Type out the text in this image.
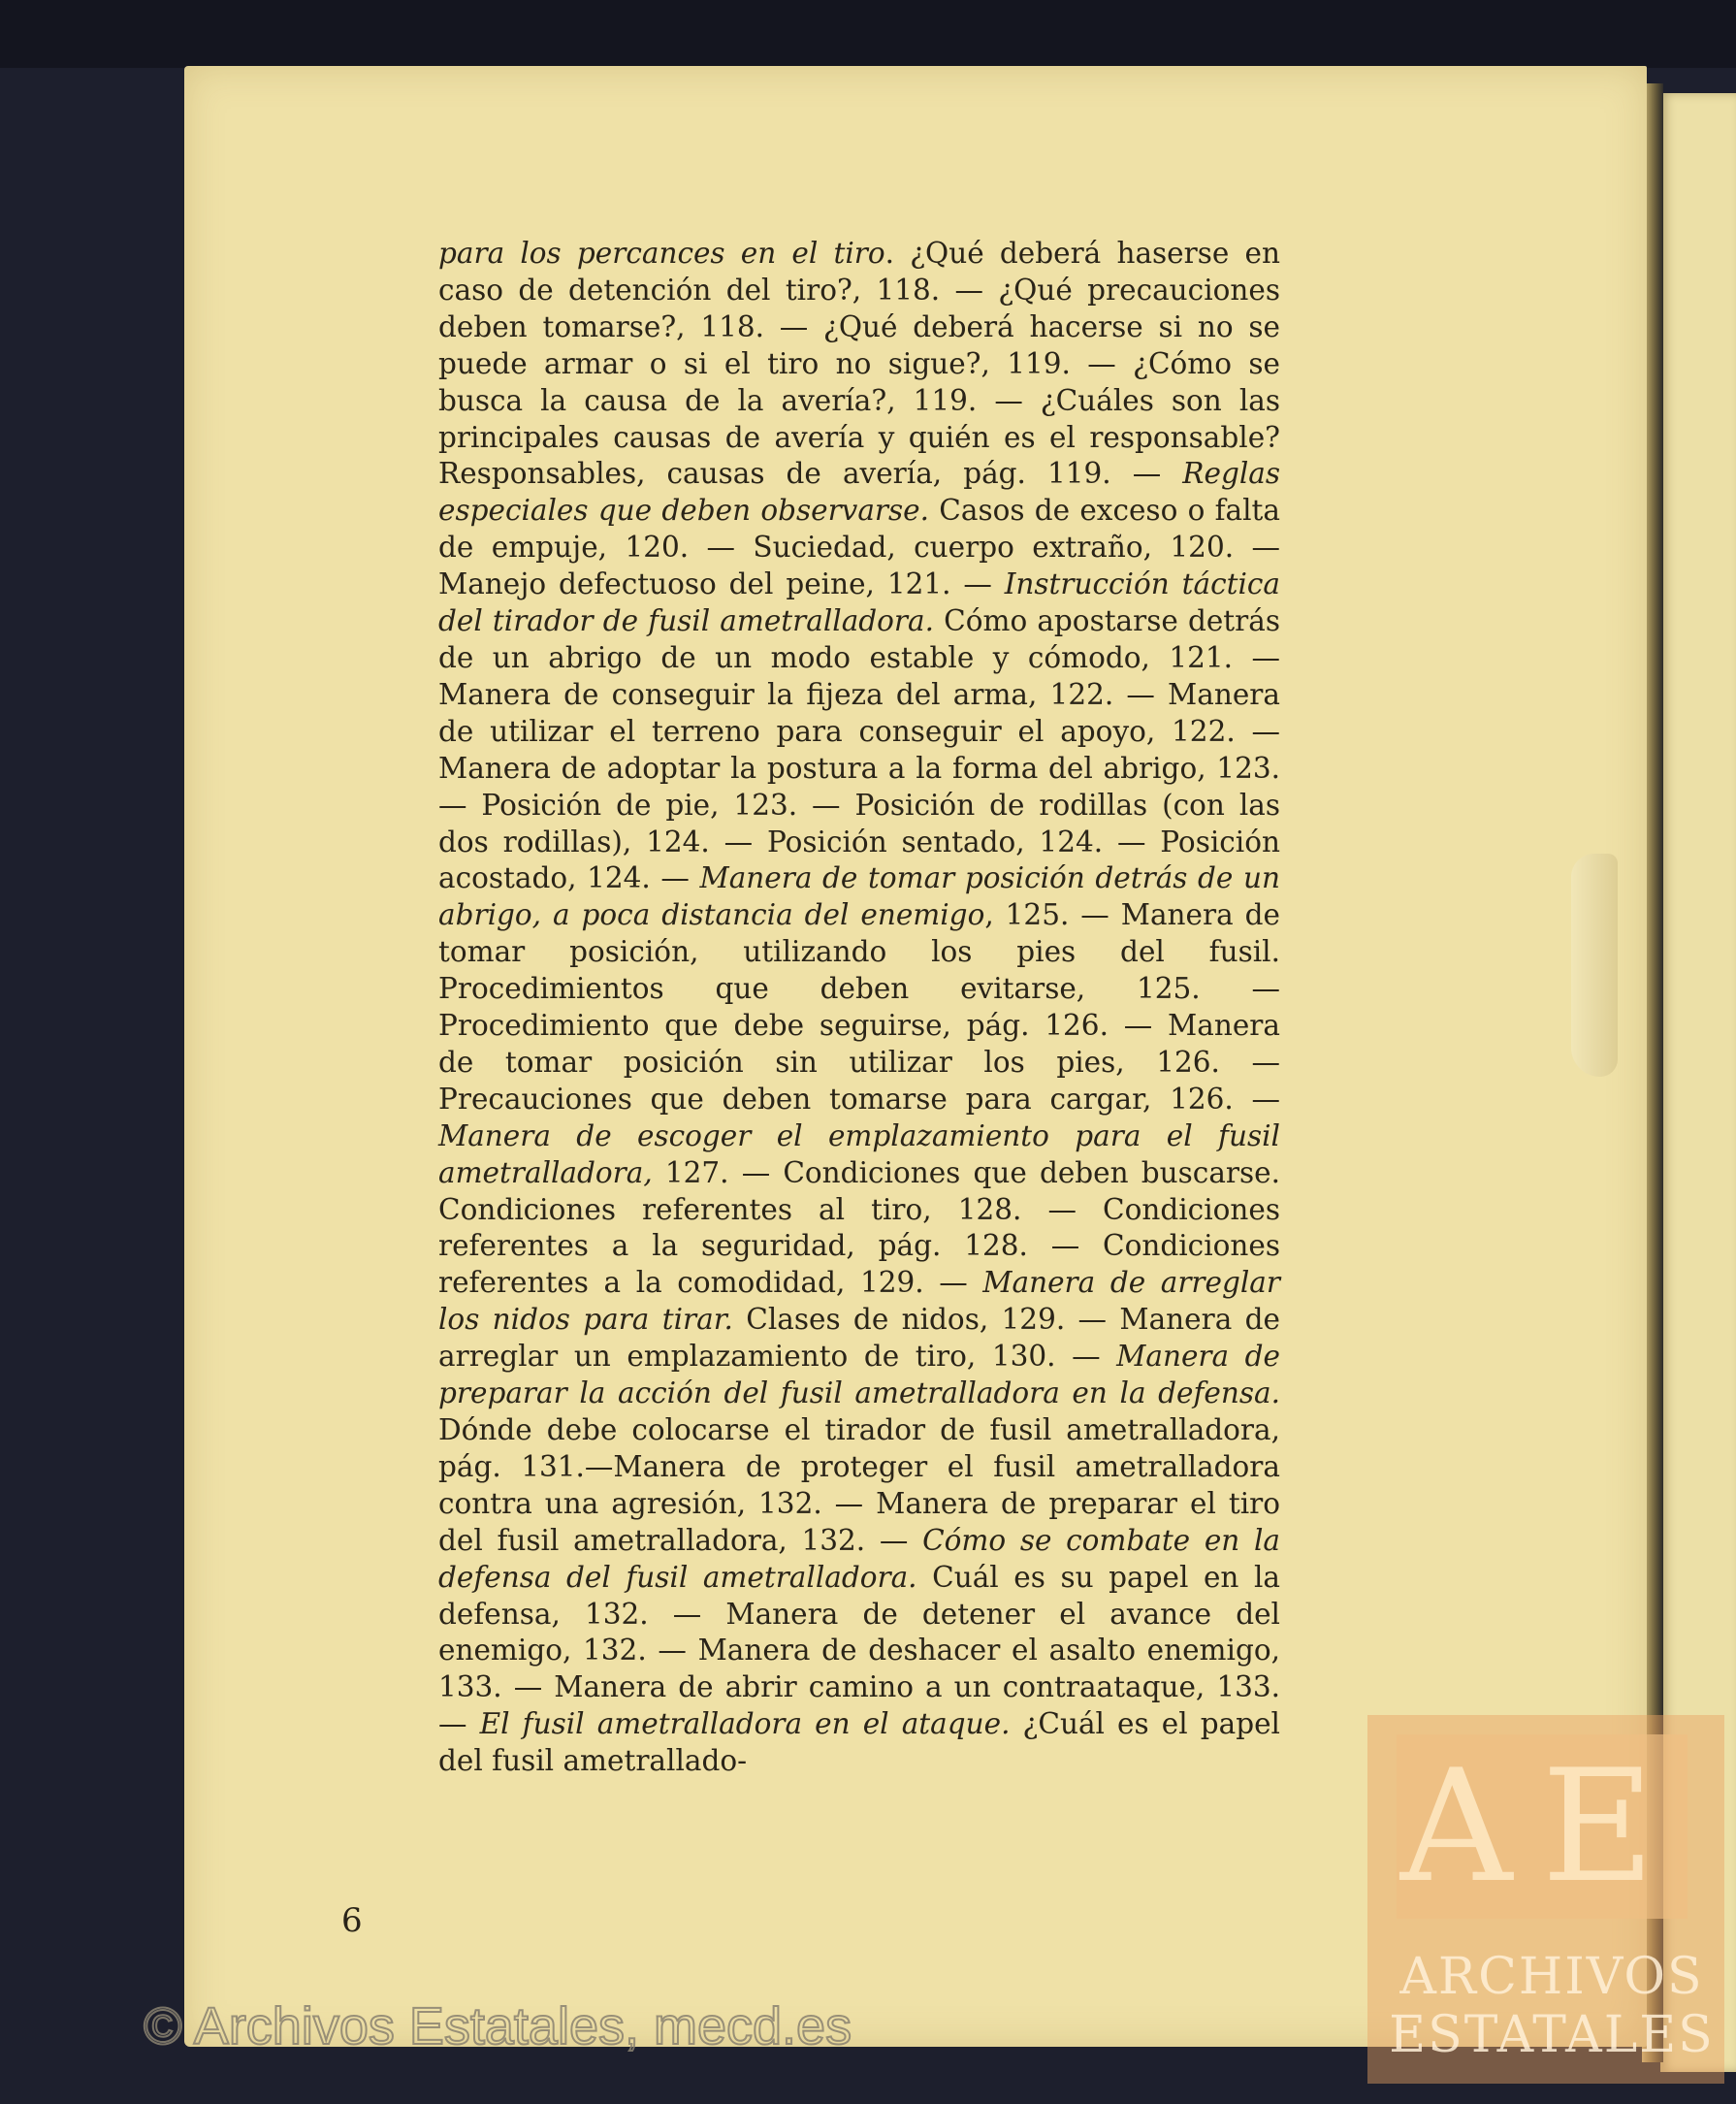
para los percances en el tiro. ¿Qué deberá haserse en caso de detención del tiro?, 118. — ¿Qué precauciones deben tomarse?, 118. — ¿Qué deberá hacerse si no se puede armar o si el tiro no sigue?, 119. — ¿Cómo se busca la causa de la avería?, 119. — ¿Cuáles son las principales causas de avería y quién es el responsable? Responsables, causas de avería, pág. 119. — Reglas especiales que deben observarse. Casos de exceso o falta de empuje, 120. — Suciedad, cuerpo extraño, 120. — Manejo defectuoso del peine, 121. — Instrucción táctica del tirador de fusil ametralladora. Cómo apostarse detrás de un abrigo de un modo estable y cómodo, 121. — Manera de conseguir la fijeza del arma, 122. — Manera de utilizar el terreno para conseguir el apoyo, 122. — Manera de adoptar la postura a la forma del abrigo, 123. — Posición de pie, 123. — Posición de rodillas (con las dos rodillas), 124. — Posición sentado, 124. — Posición acostado, 124. — Manera de tomar posición detrás de un abrigo, a poca distancia del enemigo, 125. — Manera de tomar posición, utilizando los pies del fusil. Procedimientos que deben evitarse, 125. — Procedimiento que debe seguirse, pág. 126. — Manera de tomar posición sin utilizar los pies, 126. — Precauciones que deben tomarse para cargar, 126. — Manera de escoger el emplazamiento para el fusil ametralladora, 127. — Condiciones que deben buscarse. Condiciones referentes al tiro, 128. — Condiciones referentes a la seguridad, pág. 128. — Condiciones referentes a la comodidad, 129. — Manera de arreglar los nidos para tirar. Clases de nidos, 129. — Manera de arreglar un emplazamiento de tiro, 130. — Manera de preparar la acción del fusil ametralladora en la defensa. Dónde debe colocarse el tirador de fusil ametralladora, pág. 131.—Manera de proteger el fusil ametralladora contra una agresión, 132. — Manera de preparar el tiro del fusil ametralladora, 132. — Cómo se combate en la defensa del fusil ametralladora. Cuál es su papel en la defensa, 132. — Manera de detener el avance del enemigo, 132. — Manera de deshacer el asalto enemigo, 133. — Manera de abrir camino a un contraataque, 133. — El fusil ametralladora en el ataque. ¿Cuál es el papel del fusil ametrallado-

6
© Archivos Estatales, mecd.es
AE
ARCHIVOS
ESTATALES
